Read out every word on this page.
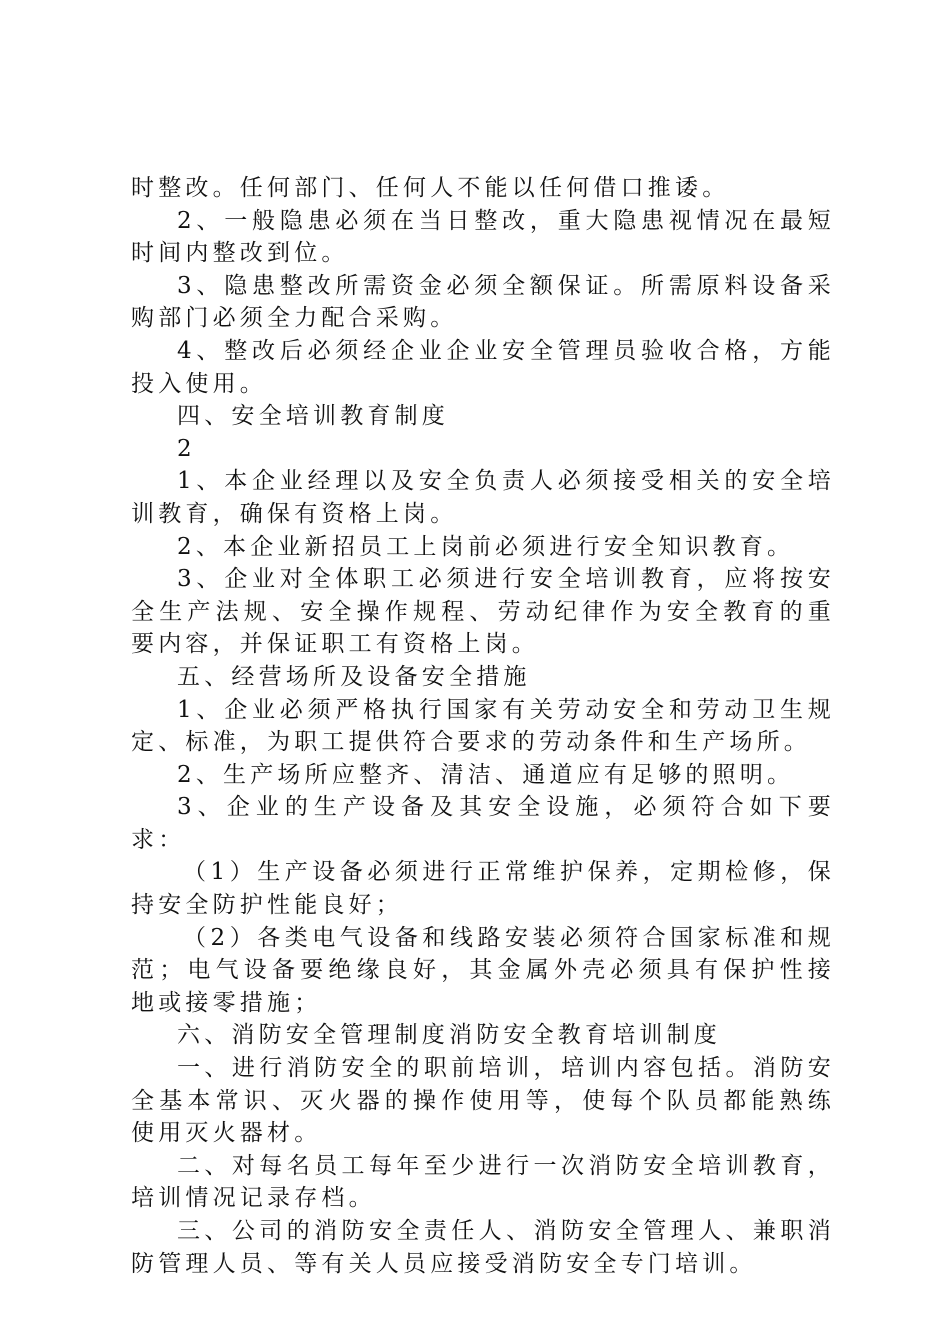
时整改。任何部门、任何人不能以任何借口推诿。

2、一般隐患必须在当日整改，重大隐患视情况在最短时间内整改到位。

3、隐患整改所需资金必须全额保证。所需原料设备采购部门必须全力配合采购。

4、整改后必须经企业企业安全管理员验收合格，方能投入使用。

四、安全培训教育制度

2

1、本企业经理以及安全负责人必须接受相关的安全培训教育，确保有资格上岗。

2、本企业新招员工上岗前必须进行安全知识教育。

3、企业对全体职工必须进行安全培训教育，应将按安全生产法规、安全操作规程、劳动纪律作为安全教育的重要内容，并保证职工有资格上岗。

五、经营场所及设备安全措施

1、企业必须严格执行国家有关劳动安全和劳动卫生规定、标准，为职工提供符合要求的劳动条件和生产场所。

2、生产场所应整齐、清洁、通道应有足够的照明。

3、企业的生产设备及其安全设施，必须符合如下要求：

（1）生产设备必须进行正常维护保养，定期检修，保持安全防护性能良好；

（2）各类电气设备和线路安装必须符合国家标准和规范；电气设备要绝缘良好，其金属外壳必须具有保护性接地或接零措施；

六、消防安全管理制度消防安全教育培训制度

一、进行消防安全的职前培训，培训内容包括。消防安全基本常识、灭火器的操作使用等，使每个队员都能熟练使用灭火器材。

二、对每名员工每年至少进行一次消防安全培训教育，培训情况记录存档。

三、公司的消防安全责任人、消防安全管理人、兼职消防管理人员、等有关人员应接受消防安全专门培训。
